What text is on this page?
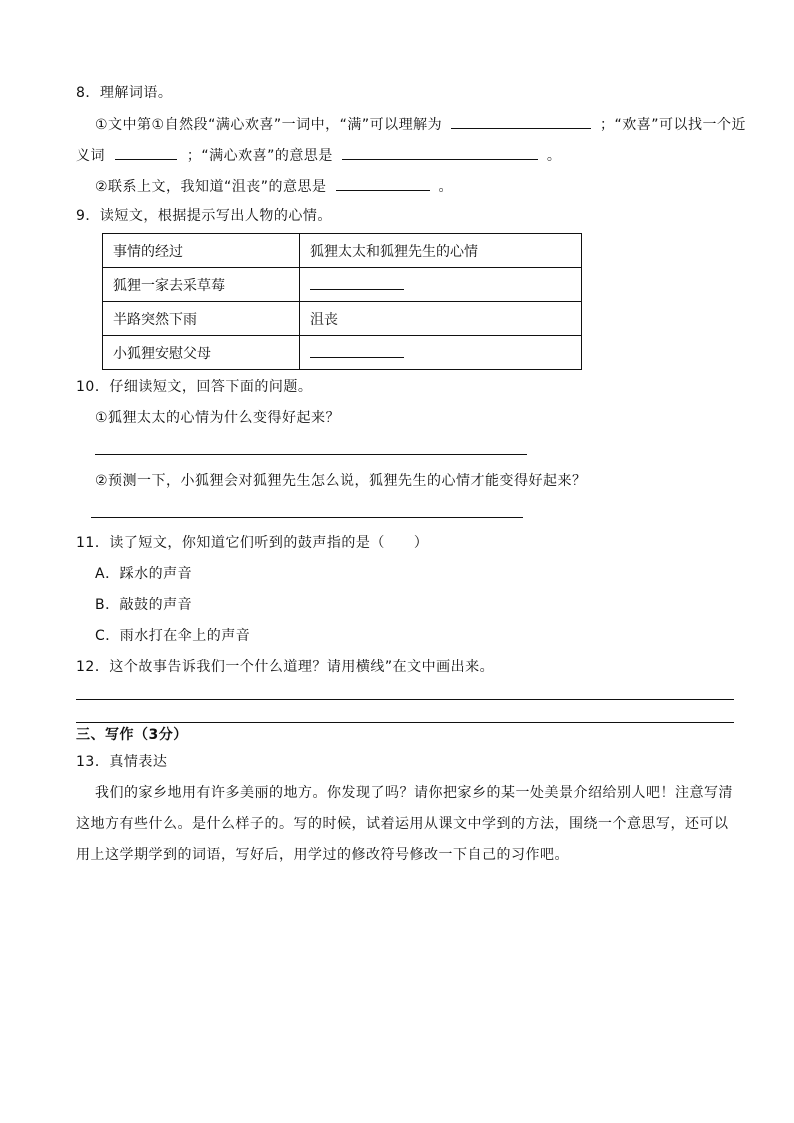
8．理解词语。
①文中第①自然段“满心欢喜”一词中，“满”可以理解为	；“欢喜”可以找一个近
义词	；“满心欢喜”的意思是	。
②联系上文，我知道“沮丧”的意思是	。
9．读短文，根据提示写出人物的心情。
事情的经过	狐狸太太和狐狸先生的心情
狐狸一家去采草莓	
半路突然下雨	沮丧
小狐狸安慰父母	
10．仔细读短文，回答下面的问题。
①狐狸太太的心情为什么变得好起来？
②预测一下，小狐狸会对狐狸先生怎么说，狐狸先生的心情才能变得好起来？
11．读了短文，你知道它们听到的鼓声指的是（　　）
A．踩水的声音
B．敲鼓的声音
C．雨水打在伞上的声音
12．这个故事告诉我们一个什么道理？请用横线”在文中画出来。
三、写作（3分）
13．真情表达
我们的家乡地用有许多美丽的地方。你发现了吗？请你把家乡的某一处美景介绍给别人吧！注意写清
这地方有些什么。是什么样子的。写的时候，试着运用从课文中学到的方法，围绕一个意思写，还可以
用上这学期学到的词语，写好后，用学过的修改符号修改一下自己的习作吧。
